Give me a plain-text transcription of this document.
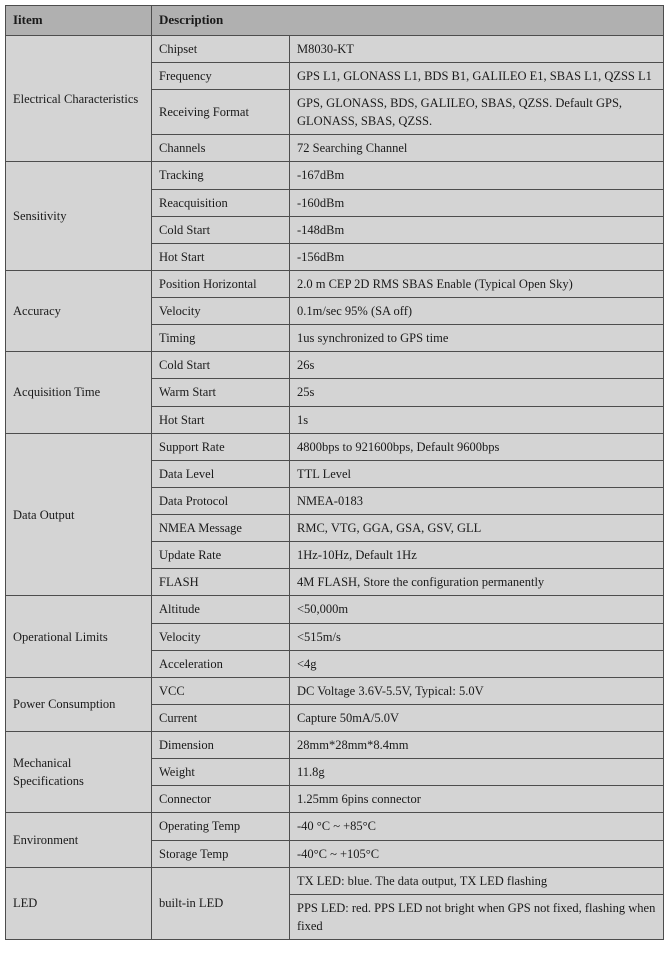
Iitem	Description	
Electrical Characteristics	Chipset	M8030-KT
	Frequency	GPS L1, GLONASS L1, BDS B1, GALILEO E1, SBAS L1, QZSS L1
	Receiving Format	GPS, GLONASS, BDS, GALILEO, SBAS, QZSS. Default GPS, GLONASS, SBAS, QZSS.
	Channels	72 Searching Channel
Sensitivity	Tracking	-167dBm
	Reacquisition	-160dBm
	Cold Start	-148dBm
	Hot Start	-156dBm
Accuracy	Position Horizontal	2.0 m CEP 2D RMS SBAS Enable (Typical Open Sky)
	Velocity	0.1m/sec 95% (SA off)
	Timing	1us synchronized to GPS time
Acquisition Time	Cold Start	26s
	Warm Start	25s
	Hot Start	1s
Data Output	Support Rate	4800bps to 921600bps, Default 9600bps
	Data Level	TTL Level
	Data Protocol	NMEA-0183
	NMEA Message	RMC, VTG, GGA, GSA, GSV, GLL
	Update Rate	1Hz-10Hz, Default 1Hz
	FLASH	4M FLASH, Store the configuration permanently
Operational Limits	Altitude	<50,000m
	Velocity	<515m/s
	Acceleration	<4g
Power Consumption	VCC	DC Voltage 3.6V-5.5V, Typical: 5.0V
	Current	Capture 50mA/5.0V
Mechanical Specifications	Dimension	28mm*28mm*8.4mm
	Weight	11.8g
	Connector	1.25mm 6pins connector
Environment	Operating Temp	-40 °C ~ +85°C
	Storage Temp	-40°C ~ +105°C
LED	built-in LED	TX LED: blue. The data output, TX LED flashing
		PPS LED: red. PPS LED not bright when GPS not fixed, flashing when fixed
